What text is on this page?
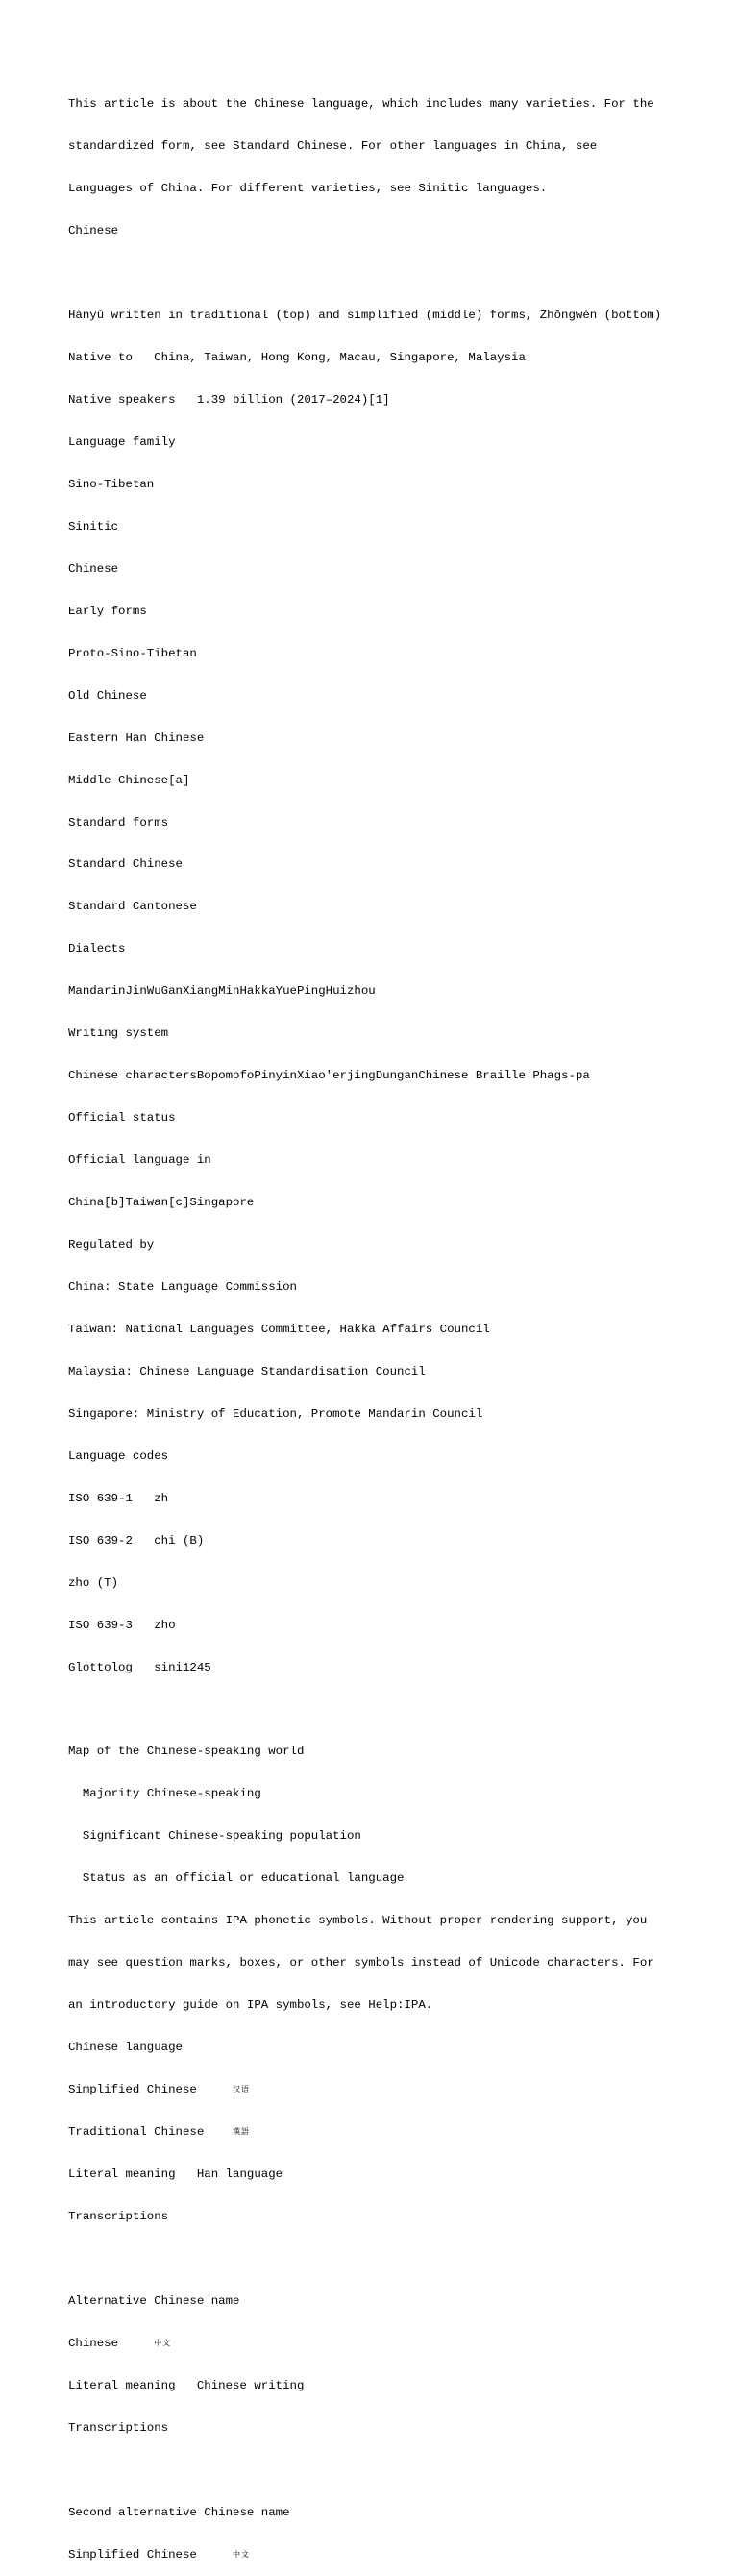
This article is about the Chinese language, which includes many varieties. For the

standardized form, see Standard Chinese. For other languages in China, see

Languages of China. For different varieties, see Sinitic languages.

Chinese

Hànyǔ written in traditional (top) and simplified (middle) forms, Zhōngwén (bottom)

Native to   China, Taiwan, Hong Kong, Macau, Singapore, Malaysia

Native speakers   1.39 billion (2017–2024)[1]

Language family

Sino-Tibetan

Sinitic

Chinese

Early forms

Proto-Sino-Tibetan

Old Chinese

Eastern Han Chinese

Middle Chinese[a]

Standard forms

Standard Chinese

Standard Cantonese

Dialects

MandarinJinWuGanXiangMinHakkaYuePingHuizhou

Writing system

Chinese charactersBopomofoPinyinXiao'erjingDunganChinese BrailleʼPhags-pa

Official status

Official language in

China[b]Taiwan[c]Singapore

Regulated by

China: State Language Commission

Taiwan: National Languages Committee, Hakka Affairs Council

Malaysia: Chinese Language Standardisation Council

Singapore: Ministry of Education, Promote Mandarin Council

Language codes

ISO 639-1   zh

ISO 639-2   chi (B)

zho (T)

ISO 639-3   zho

Glottolog   sini1245

Map of the Chinese-speaking world

Majority Chinese-speaking

Significant Chinese-speaking population

Status as an official or educational language

This article contains IPA phonetic symbols. Without proper rendering support, you

may see question marks, boxes, or other symbols instead of Unicode characters. For

an introductory guide on IPA symbols, see Help:IPA.

Chinese language

Simplified Chinese     汉语

Traditional Chinese    漢語

Literal meaning   Han language

Transcriptions

Alternative Chinese name

Chinese     中文

Literal meaning   Chinese writing

Transcriptions

Second alternative Chinese name

Simplified Chinese     中文
